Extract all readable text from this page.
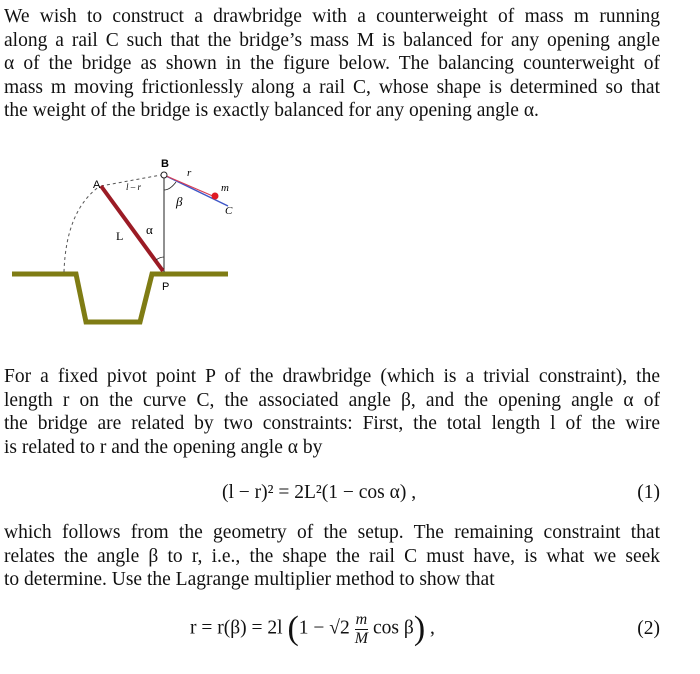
We wish to construct a drawbridge with a counterweight of mass m running
along a rail C such that the bridge’s mass M is balanced for any opening angle
α of the bridge as shown in the figure below. The balancing counterweight of
mass m moving frictionlessly along a rail C, whose shape is determined so that
the weight of the bridge is exactly balanced for any opening angle α.

A
B
P
L α
β
r
l – r	m
C

For a fixed pivot point P of the drawbridge (which is a trivial constraint), the
length r on the curve C, the associated angle β, and the opening angle α of
the bridge are related by two constraints: First, the total length l of the wire
is related to r and the opening angle α by

(l − r)² = 2L²(1 − cos α) ,	(1)

which follows from the geometry of the setup. The remaining constraint that
relates the angle β to r, i.e., the shape the rail C must have, is what we seek
to determine. Use the Lagrange multiplier method to show that

r = r(β) = 2l ($1 - √2 \frac{m}{M}$ cos β) ,	(2)
